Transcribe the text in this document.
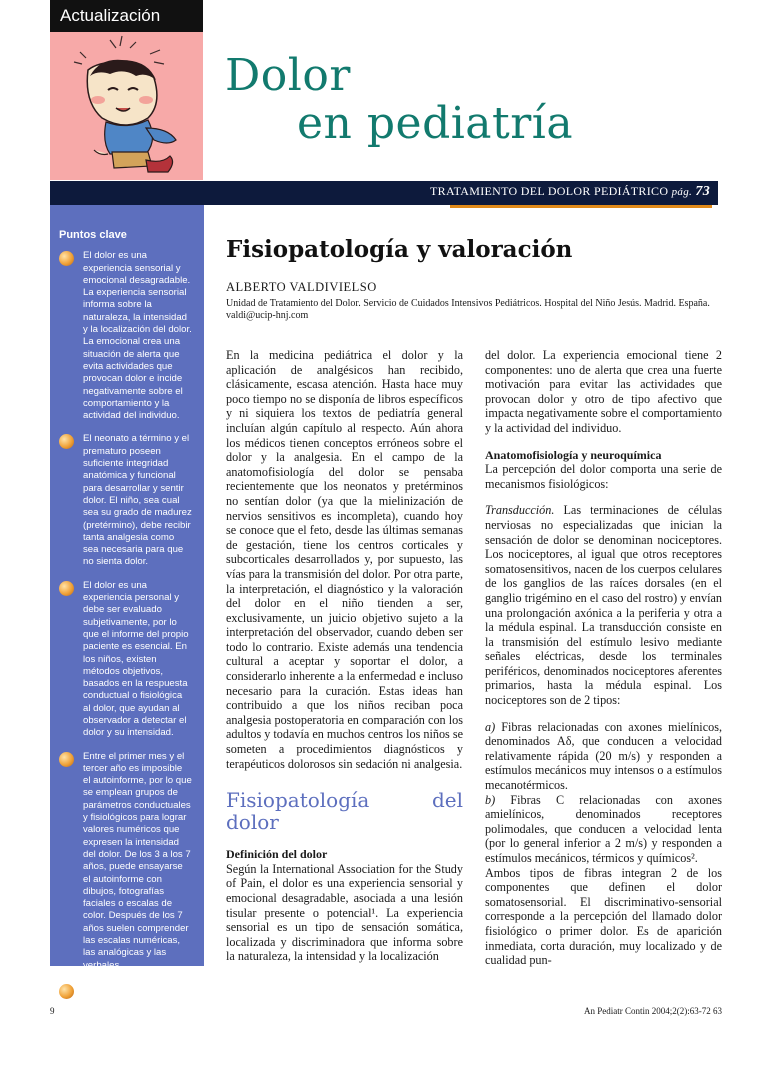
Actualización
Dolor
en pediatría
TRATAMIENTO DEL DOLOR PEDIÁTRICO pág. 73
Puntos clave
El dolor es una experiencia sensorial y emocional desagradable. La experiencia sensorial informa sobre la naturaleza, la intensidad y la localización del dolor. La emocional crea una situación de alerta que evita actividades que provocan dolor e incide negativamente sobre el comportamiento y la actividad del individuo.
El neonato a término y el prematuro poseen suficiente integridad anatómica y funcional para desarrollar y sentir dolor. El niño, sea cual sea su grado de madurez (pretérmino), debe recibir tanta analgesia como sea necesaria para que no sienta dolor.
El dolor es una experiencia personal y debe ser evaluado subjetivamente, por lo que el informe del propio paciente es esencial. En los niños, existen métodos objetivos, basados en la respuesta conductual o fisiológica al dolor, que ayudan al observador a detectar el dolor y su intensidad.
Entre el primer mes y el tercer año es imposible el autoinforme, por lo que se emplean grupos de parámetros conductuales y fisiológicos para lograr valores numéricos que expresen la intensidad del dolor. De los 3 a los 7 años, puede ensayarse el autoinforme con dibujos, fotografías faciales o escalas de color. Después de los 7 años suelen comprender las escalas numéricas, las analógicas y las verbales.
Cuando existe afectación neurológica, no es posible una comunicación verbal adecuada, por lo que se emplean parámetros conductuales y fisiológicos.
Fisiopatología y valoración
ALBERTO VALDIVIELSO
Unidad de Tratamiento del Dolor. Servicio de Cuidados Intensivos Pediátricos. Hospital del Niño Jesús. Madrid. España.
valdi@ucip-hnj.com

En la medicina pediátrica el dolor y la aplicación de analgésicos han recibido, clásicamente, escasa atención. Hasta hace muy poco tiempo no se disponía de libros específicos y ni siquiera los textos de pediatría general incluían algún capítulo al respecto. Aún ahora los médicos tienen conceptos erróneos sobre el dolor y la analgesia. En el campo de la anatomofisiología del dolor se pensaba recientemente que los neonatos y pretérminos no sentían dolor (ya que la mielinización de nervios sensitivos es incompleta), cuando hoy se conoce que el feto, desde las últimas semanas de gestación, tiene los centros corticales y subcorticales desarrollados y, por supuesto, las vías para la transmisión del dolor. Por otra parte, la interpretación, el diagnóstico y la valoración del dolor en el niño tienden a ser, exclusivamente, un juicio objetivo sujeto a la interpretación del observador, cuando deben ser todo lo contrario. Existe además una tendencia cultural a aceptar y soportar el dolor, a considerarlo inherente a la enfermedad e incluso necesario para la curación. Estas ideas han contribuido a que los niños reciban poca analgesia postoperatoria en comparación con los adultos y todavía en muchos centros los niños se someten a procedimientos diagnósticos y terapéuticos dolorosos sin sedación ni analgesia.

Fisiopatología del dolor
Definición del dolor

Según la International Association for the Study of Pain, el dolor es una experiencia sensorial y emocional desagradable, asociada a una lesión tisular presente o potencial¹. La experiencia sensorial es un tipo de sensación somática, localizada y discriminadora que informa sobre la naturaleza, la intensidad y la localización

del dolor. La experiencia emocional tiene 2 componentes: uno de alerta que crea una fuerte motivación para evitar las actividades que provocan dolor y otro de tipo afectivo que impacta negativamente sobre el comportamiento y la actividad del individuo.

Anatomofisiología y neuroquímica

La percepción del dolor comporta una serie de mecanismos fisiológicos:

Transducción. Las terminaciones de células nerviosas no especializadas que inician la sensación de dolor se denominan nociceptores. Los nociceptores, al igual que otros receptores somatosensitivos, nacen de los cuerpos celulares de los ganglios de las raíces dorsales (en el ganglio trigémino en el caso del rostro) y envían una prolongación axónica a la periferia y otra a la médula espinal. La transducción consiste en la transmisión del estímulo lesivo mediante señales eléctricas, desde los terminales periféricos, denominados nociceptores aferentes primarios, hasta la médula espinal. Los nociceptores son de 2 tipos:

a) Fibras relacionadas con axones mielínicos, denominados Aδ, que conducen a velocidad relativamente rápida (20 m/s) y responden a estímulos mecánicos muy intensos o a estímulos mecanotérmicos.

b) Fibras C relacionadas con axones amielínicos, denominados receptores polimodales, que conducen a velocidad lenta (por lo general inferior a 2 m/s) y responden a estímulos mecánicos, térmicos y químicos².

Ambos tipos de fibras integran 2 de los componentes que definen el dolor somatosensorial. El discriminativo-sensorial corresponde a la percepción del llamado dolor fisiológico o primer dolor. Es de aparición inmediata, corta duración, muy localizado y de cualidad pun-

9	An Pediatr Contin 2004;2(2):63-72 63
